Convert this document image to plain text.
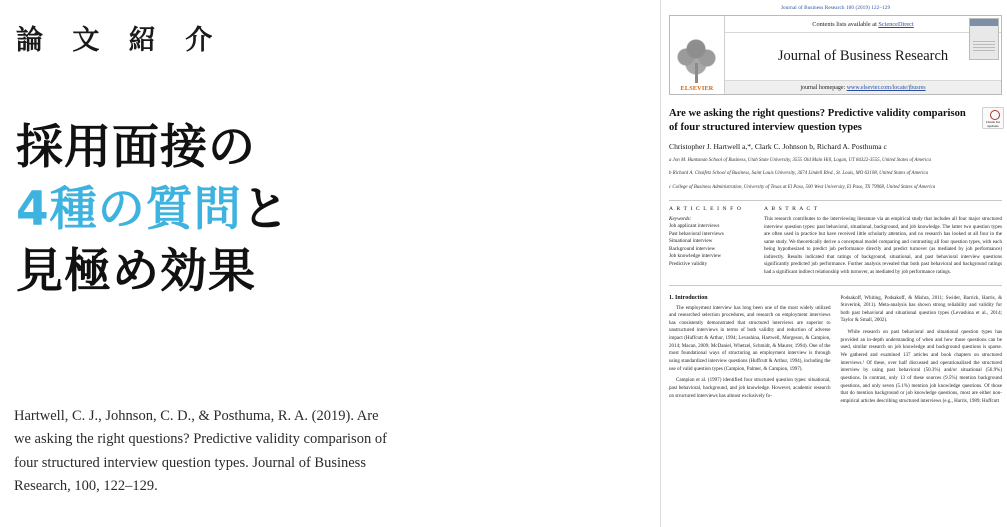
論 文 紹 介
採用面接の
4種の質問と
見極め効果
Hartwell, C. J., Johnson, C. D., & Posthuma, R. A. (2019). Are we asking the right questions? Predictive validity comparison of four structured interview question types. Journal of Business Research, 100, 122–129.
Journal of Business Research 100 (2019) 122–129
ELSEVIER
Contents lists available at ScienceDirect
Journal of Business Research
journal homepage: www.elsevier.com/locate/jbusres
Are we asking the right questions? Predictive validity comparison of four structured interview question types	Check for updates
Christopher J. Hartwell a,*, Clark C. Johnson b, Richard A. Posthuma c
a Jon M. Huntsman School of Business, Utah State University, 3555 Old Main Hill, Logan, UT 84322-3555, United States of America
b Richard A. Chaifetz School of Business, Saint Louis University, 3674 Lindell Blvd., St. Louis, MO 63108, United States of America
c College of Business Administration, University of Texas at El Paso, 500 West University, El Paso, TX 79968, United States of America
A R T I C L E I N F O
Keywords:
Job applicant interviews
Past behavioral interviews
Situational interview
Background interview
Job knowledge interview
Predictive validity
A B S T R A C T
This research contributes to the interviewing literature via an empirical study that includes all four major structured interview question types: past behavioral, situational, background, and job knowledge. The latter two question types are often used in practice but have received little scholarly attention, and no research has looked at all four in the same study. We theoretically derive a conceptual model comparing and contrasting all four question types, with each being hypothesized to predict job performance directly and predict turnover (as mediated by job performance) indirectly. Results indicated that ratings of background, situational, and past behavioral interview questions significantly predicted job performance. Further analysis revealed that both past behavioral and background ratings had a significant indirect relationship with turnover, as mediated by job performance ratings.
1. Introduction

The employment interview has long been one of the most widely utilized and researched selection procedures, and research on employment interviews has consistently demonstrated that structured interviews are superior to unstructured interviews in terms of both validity and reduction of adverse impact (Huffcutt & Arthur, 1994; Levashina, Hartwell, Morgeson, & Campion, 2014; Macan, 2009; McDaniel, Whetzel, Schmidt, & Maurer, 1994). One of the most foundational ways of structuring an employment interview is through using standardized interview questions (Huffcutt & Arthur, 1994), including the use of valid question types (Campion, Palmer, & Campion, 1997).

Campion et al. (1997) identified four structured question types: situational, past behavioral, background, and job knowledge. However, academic research on structured interviews has almost exclusively fo-

Podsakoff, Whiting, Podsakoff, & Mishra, 2011; Swider, Barrick, Harris, & Stoverink, 2011). Meta-analysis has shown strong reliability and validity for both past behavioral and situational question types (Levashina et al., 2014; Taylor & Small, 2002).

While research on past behavioral and situational question types has provided an in-depth understanding of when and how those questions can be used, similar research on job knowledge and background questions is sparse. We gathered and examined 137 articles and book chapters on structured interviews.¹ Of these, over half discussed and operationalized the structured interview by using past behavioral (50.3%) and/or situational (56.9%) questions. In contrast, only 13 of these sources (9.5%) mention background questions, and only seven (5.1%) mention job knowledge questions. Of those that do mention background or job knowledge questions, most are either non-empirical articles describing structured interviews (e.g., Harris, 1989; Huffcutt
